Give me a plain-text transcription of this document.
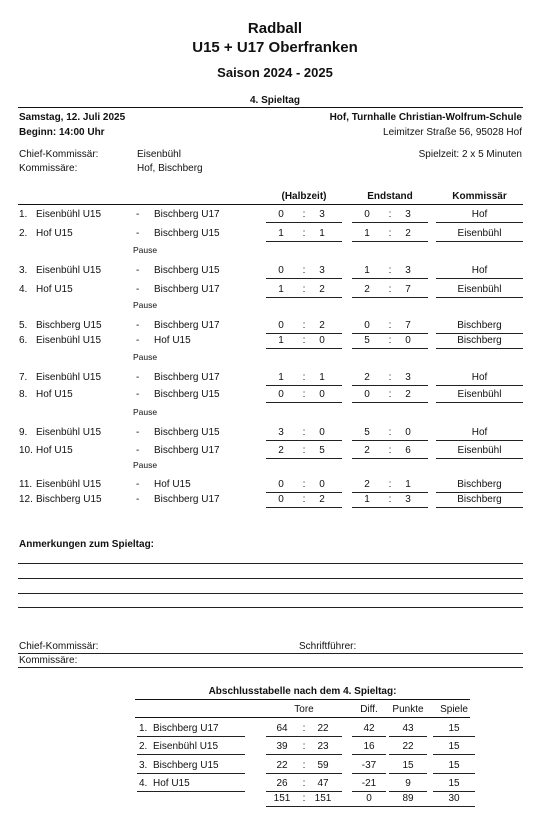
Radball
U15 + U17 Oberfranken
Saison 2024 - 2025
4. Spieltag
Samstag, 12. Juli 2025
Beginn: 14:00 Uhr
Hof, Turnhalle Christian-Wolfrum-Schule
Leimitzer Straße 56, 95028 Hof
Chief-Kommissär:	Eisenbühl
Kommissäre:	Hof, Bischberg
Spielzeit: 2 x 5 Minuten
(Halbzeit)	Endstand	Kommissär
1. Eisenbühl U15	- Bischberg U17	0	:	3	0	:	3	Hof
2. Hof U15	- Bischberg U15	1	:	1	1	:	2	Eisenbühl
Pause
3. Eisenbühl U15	- Bischberg U15	0	:	3	1	:	3	Hof
4. Hof U15	- Bischberg U17	1	:	2	2	:	7	Eisenbühl
Pause
5. Bischberg U15	- Bischberg U17	0	:	2	0	:	7	Bischberg
6. Eisenbühl U15	- Hof U15	1	:	0	5	:	0	Bischberg
Pause
7. Eisenbühl U15	- Bischberg U17	1	:	1	2	:	3	Hof
8. Hof U15	- Bischberg U15	0	:	0	0	:	2	Eisenbühl
Pause
9. Eisenbühl U15	- Bischberg U15	3	:	0	5	:	0	Hof
10. Hof U15	- Bischberg U17	2	:	5	2	:	6	Eisenbühl
Pause
11. Eisenbühl U15	- Hof U15	0	:	0	2	:	1	Bischberg
12. Bischberg U15	- Bischberg U17	0	:	2	1	:	3	Bischberg
Anmerkungen zum Spieltag:
Chief-Kommissär:	Schriftführer:
Kommissäre:
Abschlusstabelle nach dem 4. Spieltag:
Tore	Diff.	Punkte	Spiele
1. Bischberg U17	64	:	22	42	43	15
2. Eisenbühl U15	39	:	23	16	22	15
3. Bischberg U15	22	:	59	-37	15	15
4. Hof U15	26	:	47	-21	9	15
151	: 151	0	89	30
